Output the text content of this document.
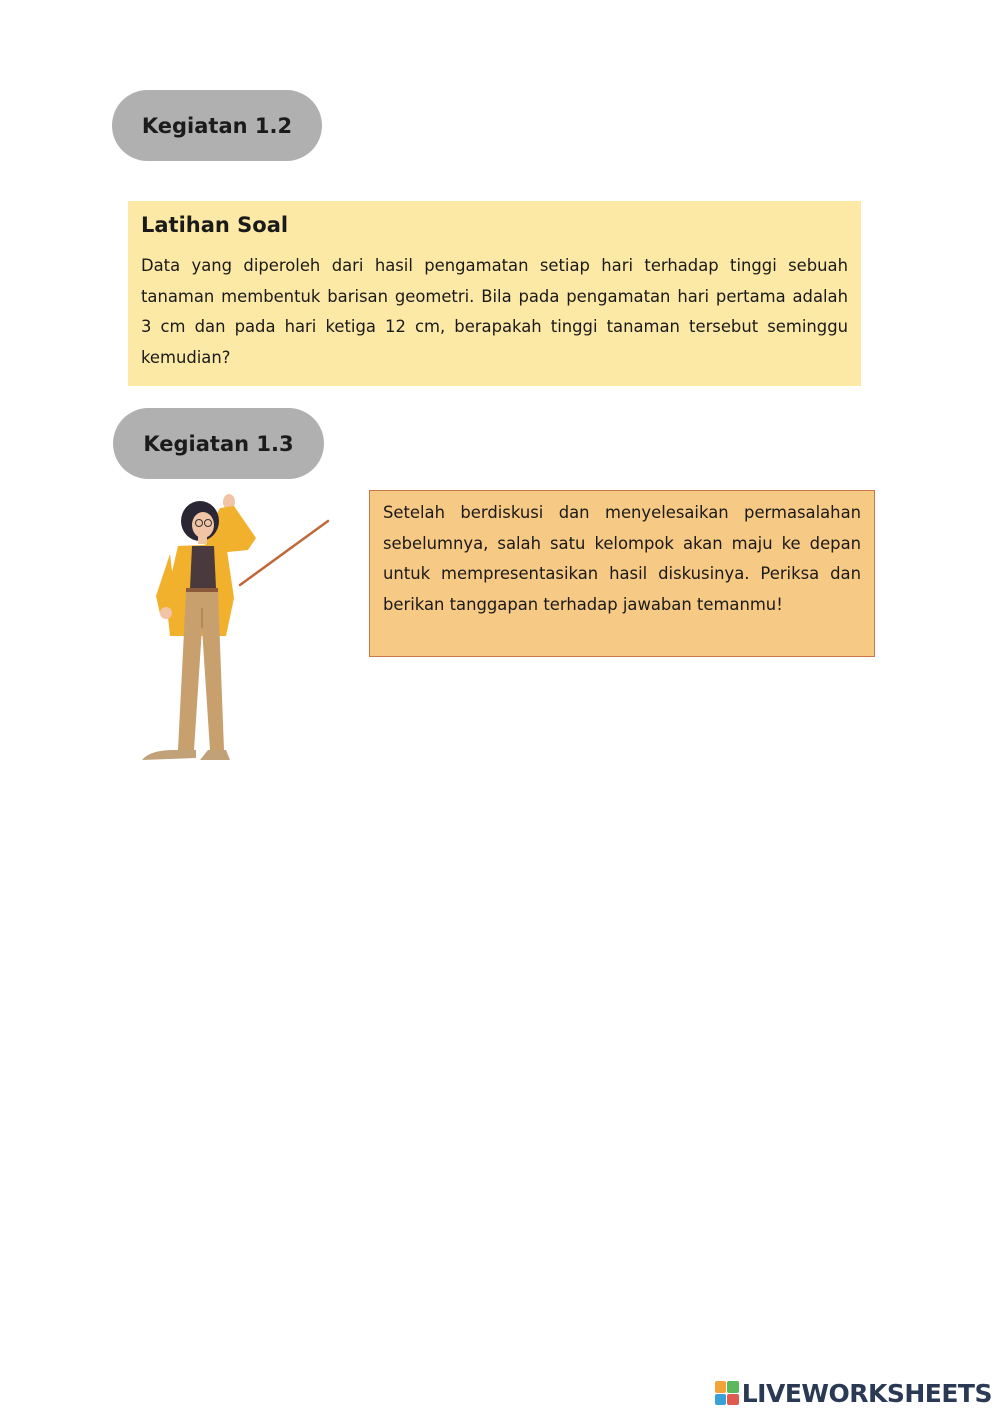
Kegiatan 1.2
Latihan Soal

Data yang diperoleh dari hasil pengamatan setiap hari terhadap tinggi sebuah tanaman membentuk barisan geometri. Bila pada pengamatan hari pertama adalah 3 cm dan pada hari ketiga 12 cm, berapakah tinggi tanaman tersebut seminggu kemudian?

Kegiatan 1.3

Setelah berdiskusi dan menyelesaikan permasalahan sebelumnya, salah satu kelompok akan maju ke depan untuk mempresentasikan hasil diskusinya. Periksa dan berikan tanggapan terhadap jawaban temanmu!

LIVEWORKSHEETS
